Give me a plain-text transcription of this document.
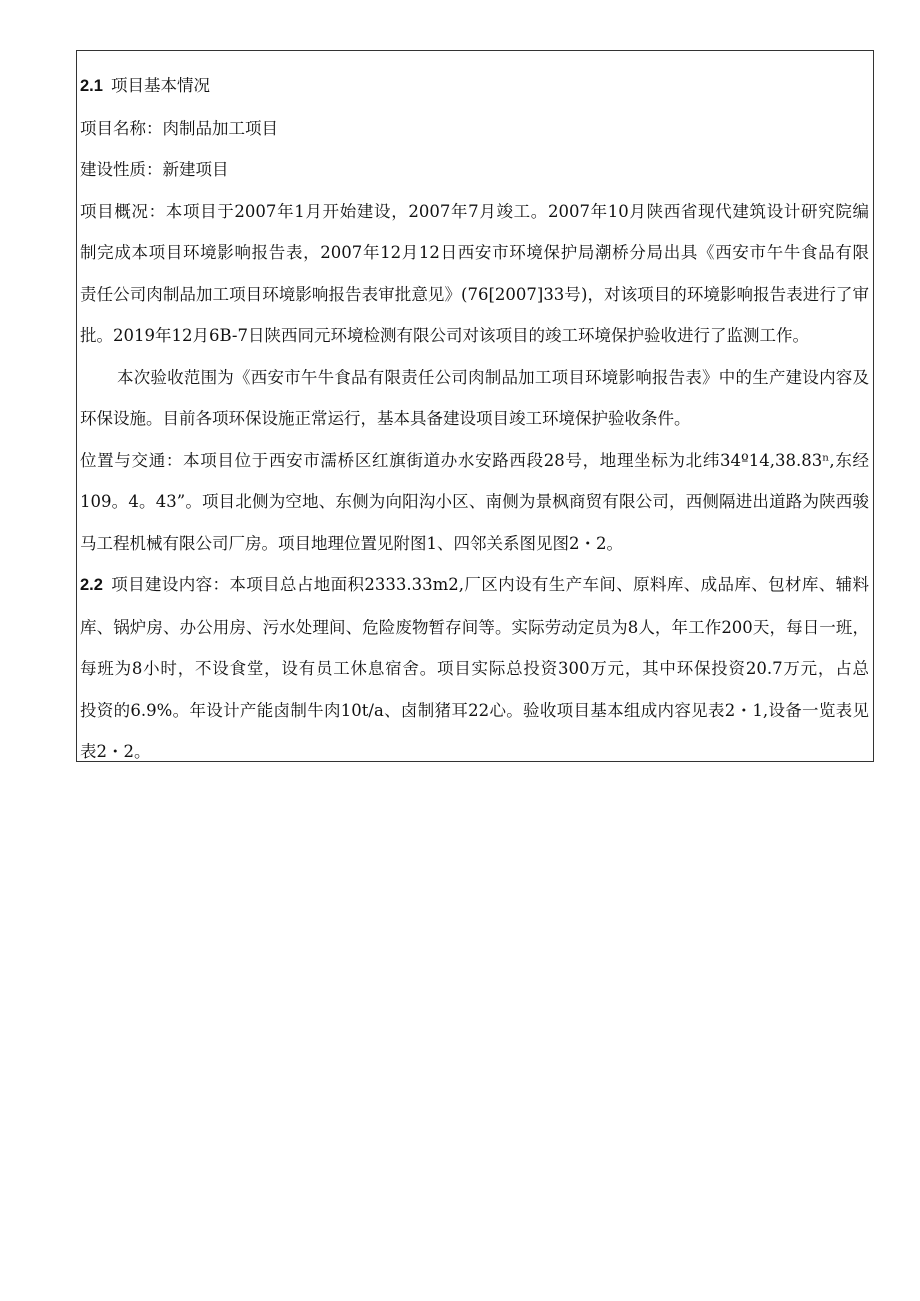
2.1 项目基本情况

项目名称：肉制品加工项目

建设性质：新建项目

项目概况：本项目于2007年1月开始建设，2007年7月竣工。2007年10月陕西省现代建筑设计研究院编

制完成本项目环境影响报告表，2007年12月12日西安市环境保护局潮桥分局出具《西安市午牛食品有限

责任公司肉制品加工项目环境影响报告表审批意见》(76[2007]33号)，对该项目的环境影响报告表进行了审

批。2019年12月6B-7日陕西同元环境检测有限公司对该项目的竣工环境保护验收进行了监测工作。

本次验收范围为《西安市午牛食品有限责任公司肉制品加工项目环境影响报告表》中的生产建设内容及

环保设施。目前各项环保设施正常运行，基本具备建设项目竣工环境保护验收条件。

位置与交通：本项目位于西安市濡桥区红旗街道办水安路西段28号，地理坐标为北纬34º14,38.83ⁿ,东经

109。4。43”。项目北侧为空地、东侧为向阳沟小区、南侧为景枫商贸有限公司，西侧隔进出道路为陕西骏

马工程机械有限公司厂房。项目地理位置见附图1、四邻关系图见图2・2。

2.2 项目建设内容：本项目总占地面积2333.33m2,厂区内设有生产车间、原料库、成品库、包材库、辅料

库、锅炉房、办公用房、污水处理间、危险废物暂存间等。实际劳动定员为8人，年工作200天，每日一班，

每班为8小时，不设食堂，设有员工休息宿舍。项目实际总投资300万元，其中环保投资20.7万元，占总

投资的6.9%。年设计产能卤制牛肉10t/a、卤制猪耳22心。验收项目基本组成内容见表2・1,设备一览表见

表2・2。
